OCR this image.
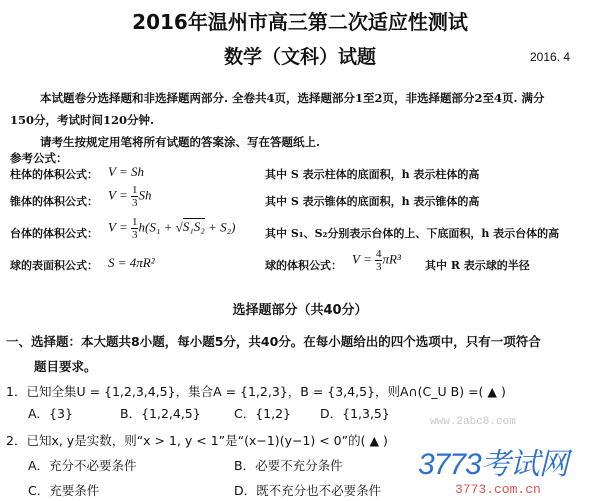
2016年温州市高三第二次适应性测试
数学（文科）试题	2016. 4
本试题卷分选择题和非选择题两部分. 全卷共4页，选择题部分1至2页，非选择题部分2至4页. 满分
150分，考试时间120分钟.
请考生按规定用笔将所有试题的答案涂、写在答题纸上.
参考公式：
柱体的体积公式： V = Sh	其中 S 表示柱体的底面积，h 表示柱体的高
锥体的体积公式： $V = \frac{1}{3}$ Sh	其中 S 表示锥体的底面积，h 表示锥体的高
台体的体积公式： $V = \frac{1}{3} h(S_1 + √S_1S_2 + S_2)$	其中 S₁、S₂分别表示台体的上、下底面积，h 表示台体的高
球的表面积公式： S = 4πR²	球的体积公式： $V = \frac{4}{3} \pi R^3$ 其中 R 表示球的半径
选择题部分（共40分）
一、选择题：本大题共8小题，每小题5分，共40分。在每小题给出的四个选项中，只有一项符合
题目要求。
1．已知全集U = {1,2,3,4,5}，集合A = {1,2,3}，B = {3,4,5}，则A∩(C_U B) =( ▲ )
A．{3}	B．{1,2,4,5}	C．{1,2} D．{1,3,5}
2．已知x, y是实数，则“x > 1, y < 1”是“(x−1)(y−1) < 0”的( ▲ )
A．充分不必要条件	B．必要不充分条件
C．充要条件	D．既不充分也不必要条件
www.2abc8.com
3773考试网
3773.com.cn
